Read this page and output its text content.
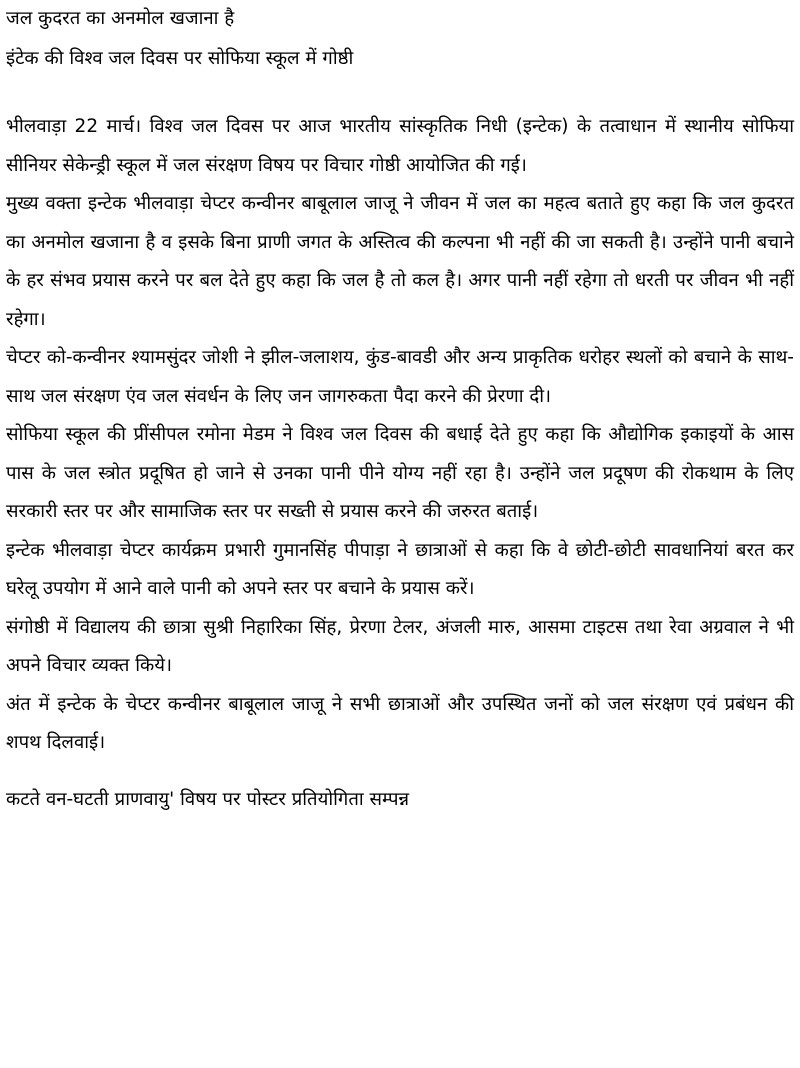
जल कुदरत का अनमोल खजाना है

इंटेक की विश्व जल दिवस पर सोफिया स्कूल में गोष्ठी

भीलवाड़ा 22 मार्च। विश्व जल दिवस पर आज भारतीय सांस्कृतिक निधी (इन्टेक) के तत्वाधान में स्थानीय सोफिया सीनियर सेकेन्ड्री स्कूल में जल संरक्षण विषय पर विचार गोष्ठी आयोजित की गई।

मुख्य वक्ता इन्टेक भीलवाड़ा चेप्टर कन्वीनर बाबूलाल जाजू ने जीवन में जल का महत्व बताते हुए कहा कि जल कुदरत का अनमोल खजाना है व इसके बिना प्राणी जगत के अस्तित्व की कल्पना भी नहीं की जा सकती है। उन्होंने पानी बचाने के हर संभव प्रयास करने पर बल देते हुए कहा कि जल है तो कल है। अगर पानी नहीं रहेगा तो धरती पर जीवन भी नहीं रहेगा।

चेप्टर को-कन्वीनर श्यामसुंदर जोशी ने झील-जलाशय, कुंड-बावडी और अन्य प्राकृतिक धरोहर स्थलों को बचाने के साथ-साथ जल संरक्षण एंव जल संवर्धन के लिए जन जागरुकता पैदा करने की प्रेरणा दी।

सोफिया स्कूल की प्रींसीपल रमोना मेडम ने विश्व जल दिवस की बधाई देते हुए कहा कि औद्योगिक इकाइयों के आस पास के जल स्त्रोत प्रदूषित हो जाने से उनका पानी पीने योग्य नहीं रहा है। उन्होंने जल प्रदूषण की रोकथाम के लिए सरकारी स्तर पर और सामाजिक स्तर पर सख्ती से प्रयास करने की जरुरत बताई।

इन्टेक भीलवाड़ा चेप्टर कार्यक्रम प्रभारी गुमानसिंह पीपाड़ा ने छात्राओं से कहा कि वे छोटी-छोटी सावधानियां बरत कर घरेलू उपयोग में आने वाले पानी को अपने स्तर पर बचाने के प्रयास करें।

संगोष्ठी में विद्यालय की छात्रा सुश्री निहारिका सिंह, प्रेरणा टेलर, अंजली मारु, आसमा टाइटस तथा रेवा अग्रवाल ने भी अपने विचार व्यक्त किये।

अंत में इन्टेक के चेप्टर कन्वीनर बाबूलाल जाजू ने सभी छात्राओं और उपस्थित जनों को जल संरक्षण एवं प्रबंधन की शपथ दिलवाई।

कटते वन-घटती प्राणवायु' विषय पर पोस्टर प्रतियोगिता सम्पन्न
